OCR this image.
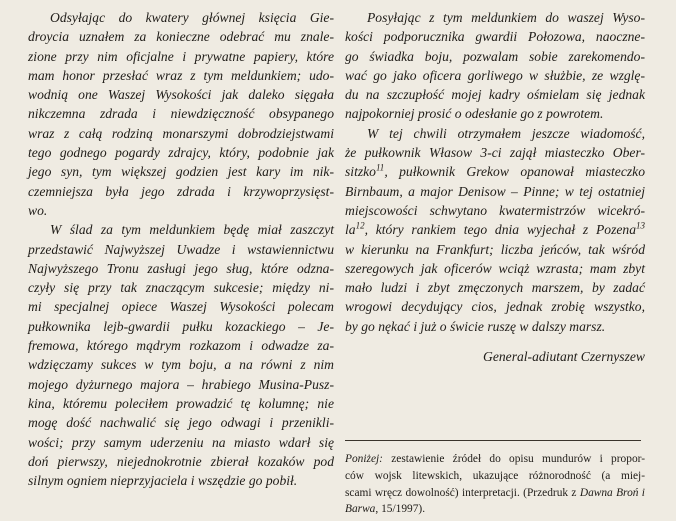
Odsyłając do kwatery głównej księcia Gie-
droycia uznałem za konieczne odebrać mu znale-
zione przy nim oficjalne i prywatne papiery, które
mam honor przesłać wraz z tym meldunkiem; udo-
wodnią one Waszej Wysokości jak daleko sięgała
nikczemna zdrada i niewdzięczność obsypanego
wraz z całą rodziną monarszymi dobrodziejstwami
tego godnego pogardy zdrajcy, który, podobnie jak
jego syn, tym większej godzien jest kary im nik-
czemniejsza była jego zdrada i krzywoprzysięst-
wo.
W ślad za tym meldunkiem będę miał zaszczyt
przedstawić Najwyższej Uwadze i wstawiennictwu
Najwyższego Tronu zasługi jego sług, które odzna-
czyły się przy tak znaczącym sukcesie; między ni-
mi specjalnej opiece Waszej Wysokości polecam
pułkownika lejb-gwardii pułku kozackiego – Je-
fremowa, którego mądrym rozkazom i odwadze za-
wdzięczamy sukces w tym boju, a na równi z nim
mojego dyżurnego majora – hrabiego Musina-Pusz-
kina, któremu poleciłem prowadzić tę kolumnę; nie
mogę dość nachwalić się jego odwagi i przenikli-
wości; przy samym uderzeniu na miasto wdarł się
doń pierwszy, niejednokrotnie zbierał kozaków pod
silnym ogniem nieprzyjaciela i wszędzie go pobił.
Posyłając z tym meldunkiem do waszej Wyso-
kości podporucznika gwardii Połozowa, naoczne-
go świadka boju, pozwalam sobie zarekomendo-
wać go jako oficera gorliwego w służbie, ze wzglę-
du na szczupłość mojej kadry ośmielam się jednak
najpokorniej prosić o odesłanie go z powrotem.
W tej chwili otrzymałem jeszcze wiadomość,
że pułkownik Własow 3-ci zajął miasteczko Ober-
sitzko$^{11}$, pułkownik Grekow opanował miasteczko
Birnbaum, a major Denisow – Pinne; w tej ostatniej
miejscowości schwytano kwatermistrzów wicekró-
$la^{12}$, który rankiem tego dnia wyjechał z Pozena$^{13}$
w kierunku na Frankfurt; liczba jeńców, tak wśród
szeregowych jak oficerów wciąż wzrasta; mam zbyt
mało ludzi i zbyt zmęczonych marszem, by zadać
wrogowi decydujący cios, jednak zrobię wszystko,
by go nękać i już o świcie ruszę w dalszy marsz.
General-adiutant Czernyszew
Poniżej: zestawienie źródeł do opisu mundurów i propor-
ców wojsk litewskich, ukazujące różnorodność (a miej-
scami wręcz dowolność) interpretacji. (Przedruk z Dawna Broń i Barwa, 15/1997).
